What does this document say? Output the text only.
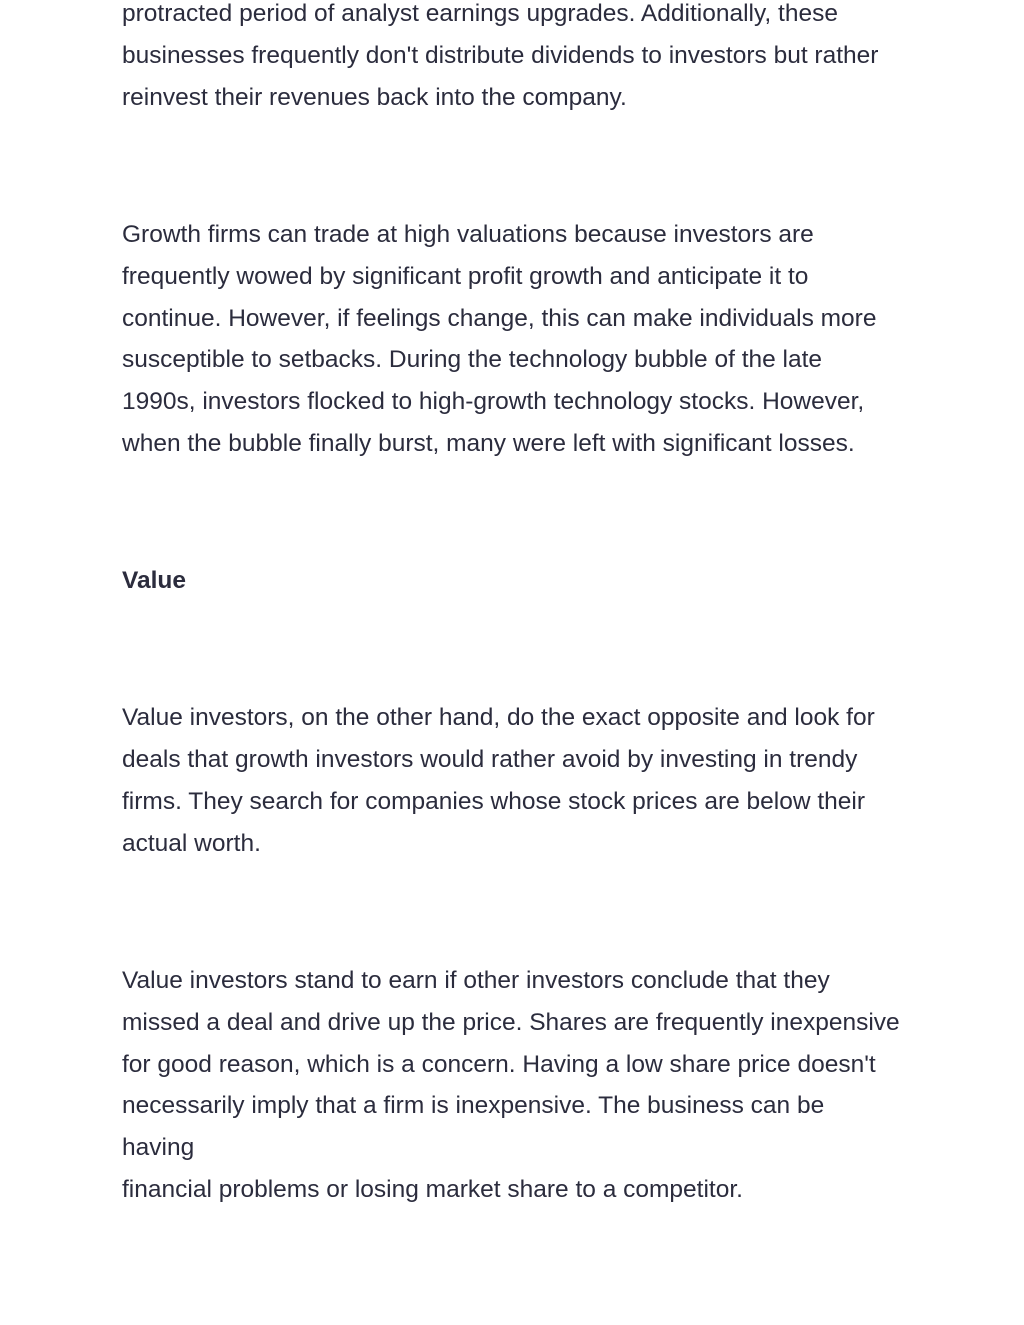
protracted period of analyst earnings upgrades. Additionally, these
businesses frequently don't distribute dividends to investors but rather
reinvest their revenues back into the company.

Growth firms can trade at high valuations because investors are
frequently wowed by significant profit growth and anticipate it to
continue. However, if feelings change, this can make individuals more
susceptible to setbacks. During the technology bubble of the late
1990s, investors flocked to high-growth technology stocks. However,
when the bubble finally burst, many were left with significant losses.

Value

Value investors, on the other hand, do the exact opposite and look for
deals that growth investors would rather avoid by investing in trendy
firms. They search for companies whose stock prices are below their
actual worth.

Value investors stand to earn if other investors conclude that they
missed a deal and drive up the price. Shares are frequently inexpensive
for good reason, which is a concern. Having a low share price doesn't
necessarily imply that a firm is inexpensive. The business can be having
financial problems or losing market share to a competitor.
